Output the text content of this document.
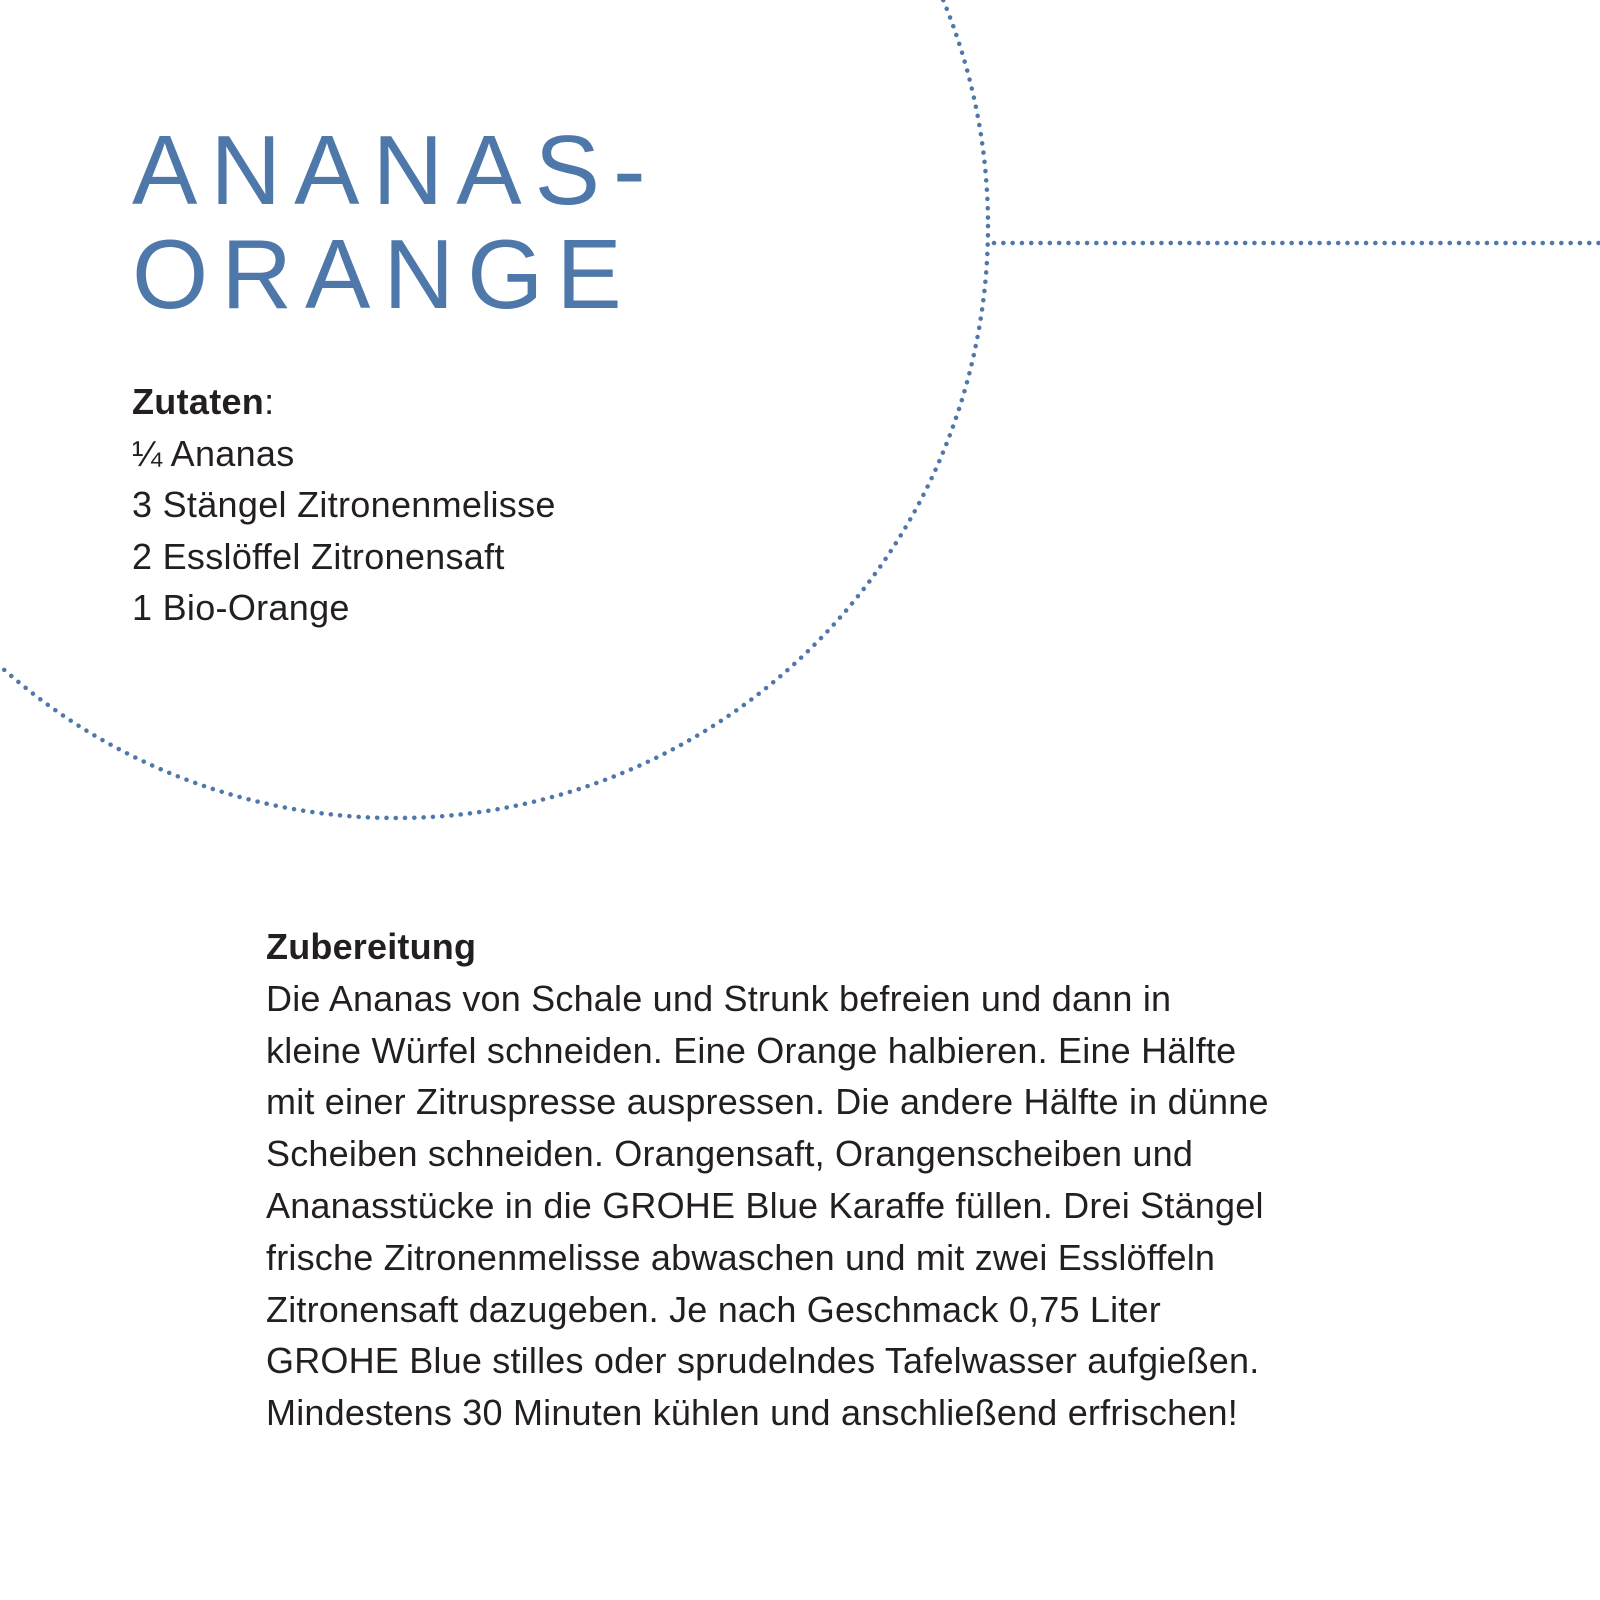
ANANAS-
ORANGE
Zutaten:
¼ Ananas
3 Stängel Zitronenmelisse
2 Esslöffel Zitronensaft
1 Bio-Orange
Zubereitung
Die Ananas von Schale und Strunk befreien und dann in
kleine Würfel schneiden. Eine Orange halbieren. Eine Hälfte
mit einer Zitruspresse auspressen. Die andere Hälfte in dünne
Scheiben schneiden. Orangensaft, Orangenscheiben und
Ananasstücke in die GROHE Blue Karaffe füllen. Drei Stängel
frische Zitronenmelisse abwaschen und mit zwei Esslöffeln
Zitronensaft dazugeben. Je nach Geschmack 0,75 Liter
GROHE Blue stilles oder sprudelndes Tafelwasser aufgießen.
Mindestens 30 Minuten kühlen und anschließend erfrischen!
